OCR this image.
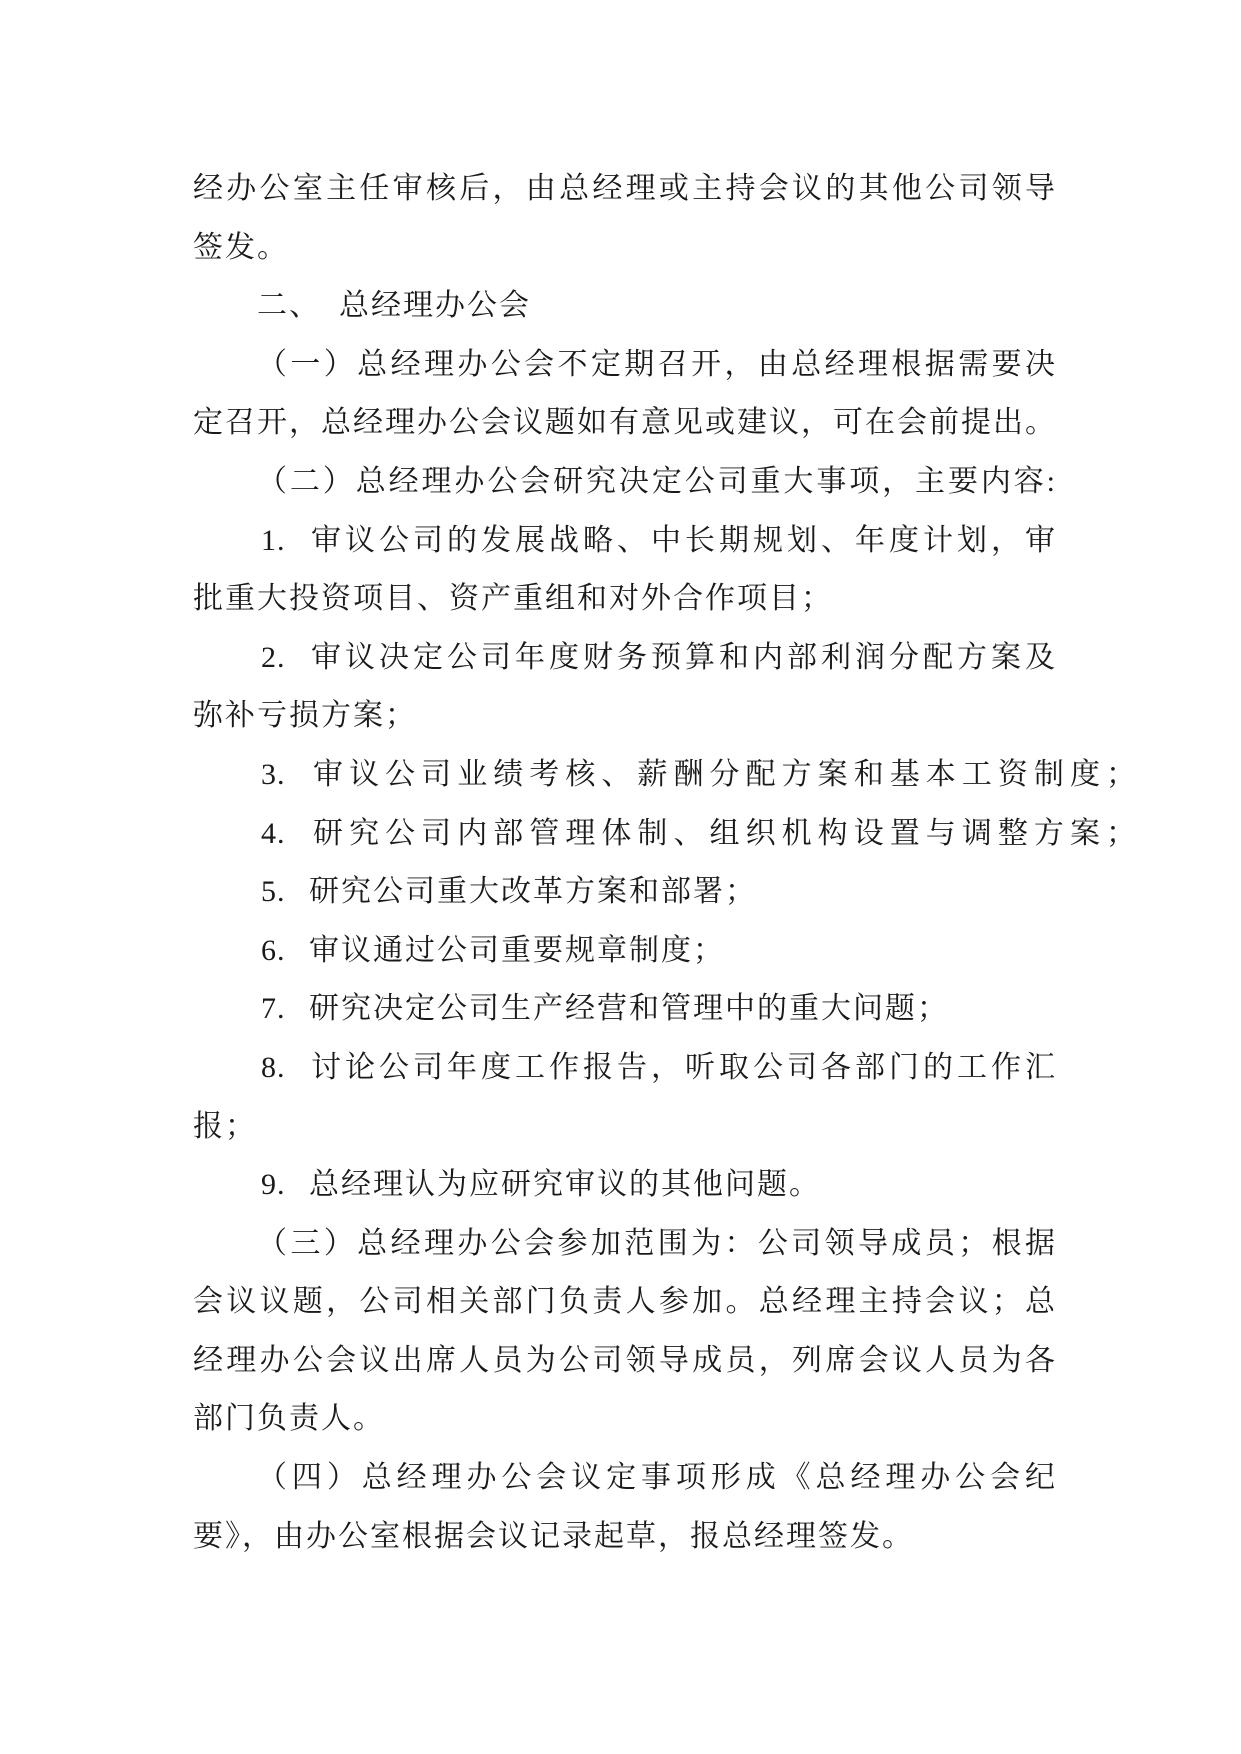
经办公室主任审核后，由总经理或主持会议的其他公司领导
签发。
二、 总经理办公会
（一）总经理办公会不定期召开，由总经理根据需要决
定召开，总经理办公会议题如有意见或建议，可在会前提出。
（二）总经理办公会研究决定公司重大事项，主要内容:
1. 审议公司的发展战略、中长期规划、年度计划，审
批重大投资项目、资产重组和对外合作项目；
2. 审议决定公司年度财务预算和内部利润分配方案及
弥补亏损方案；
3. 审议公司业绩考核、薪酬分配方案和基本工资制度；
4. 研究公司内部管理体制、组织机构设置与调整方案；
5. 研究公司重大改革方案和部署；
6. 审议通过公司重要规章制度；
7. 研究决定公司生产经营和管理中的重大问题；
8. 讨论公司年度工作报告，听取公司各部门的工作汇
报；
9. 总经理认为应研究审议的其他问题。
（三）总经理办公会参加范围为：公司领导成员；根据
会议议题，公司相关部门负责人参加。总经理主持会议；总
经理办公会议出席人员为公司领导成员，列席会议人员为各
部门负责人。
（四）总经理办公会议定事项形成《总经理办公会纪
要》，由办公室根据会议记录起草，报总经理签发。
